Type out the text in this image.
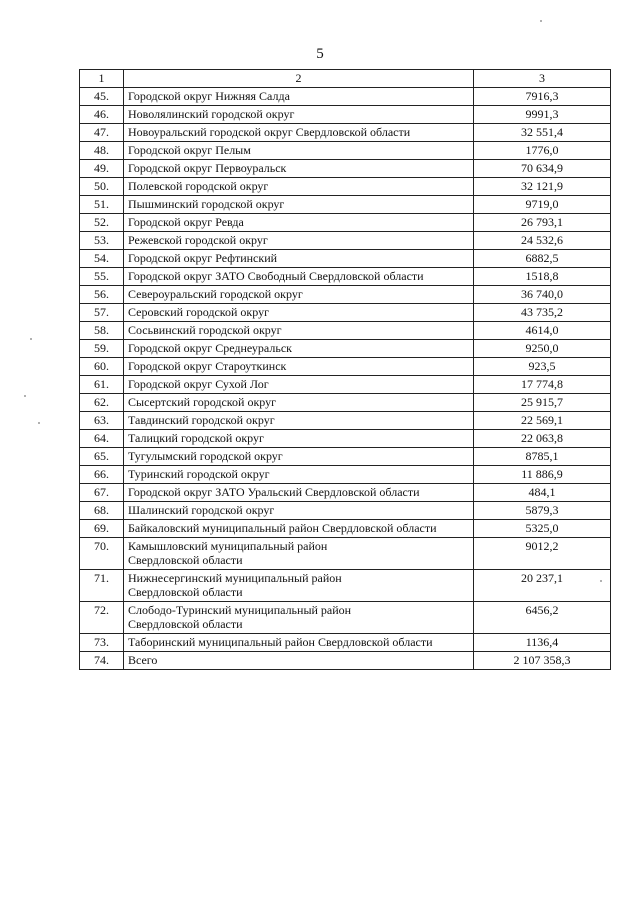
5
1	2	3
45.	Городской округ Нижняя Салда	7916,3
46.	Новолялинский городской округ	9991,3
47.	Новоуральский городской округ Свердловской области	32 551,4
48.	Городской округ Пелым	1776,0
49.	Городской округ Первоуральск	70 634,9
50.	Полевской городской округ	32 121,9
51.	Пышминский городской округ	9719,0
52.	Городской округ Ревда	26 793,1
53.	Режевской городской округ	24 532,6
54.	Городской округ Рефтинский	6882,5
55.	Городской округ ЗАТО Свободный Свердловской области	1518,8
56.	Североуральский городской округ	36 740,0
57.	Серовский городской округ	43 735,2
58.	Сосьвинский городской округ	4614,0
59.	Городской округ Среднеуральск	9250,0
60.	Городской округ Староуткинск	923,5
61.	Городской округ Сухой Лог	17 774,8
62.	Сысертский городской округ	25 915,7
63.	Тавдинский городской округ	22 569,1
64.	Талицкий городской округ	22 063,8
65.	Тугулымский городской округ	8785,1
66.	Туринский городской округ	11 886,9
67.	Городской округ ЗАТО Уральский Свердловской области	484,1
68.	Шалинский городской округ	5879,3
69.	Байкаловский муниципальный район Свердловской области	5325,0
70.	Камышловский муниципальный район
Свердловской области	9012,2
71.	Нижнесергинский муниципальный район
Свердловской области	20 237,1
72.	Слободо-Туринский муниципальный район
Свердловской области	6456,2
73.	Таборинский муниципальный район Свердловской области	1136,4
74.	Всего	2 107 358,3
